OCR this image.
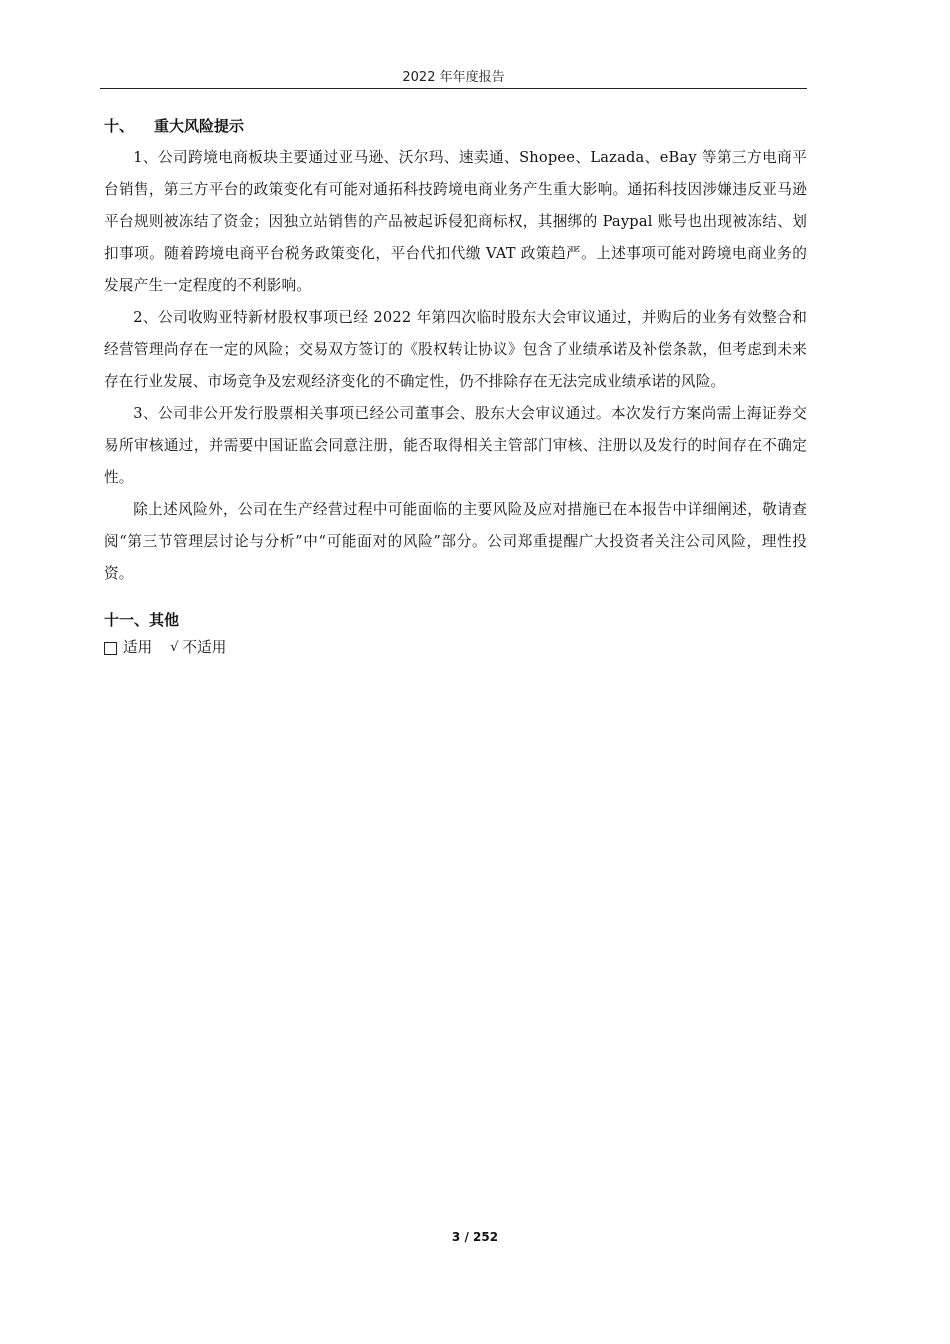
2022 年年度报告
十、 重大风险提示

1、公司跨境电商板块主要通过亚马逊、沃尔玛、速卖通、Shopee、Lazada、eBay 等第三方电商平台销售，第三方平台的政策变化有可能对通拓科技跨境电商业务产生重大影响。通拓科技因涉嫌违反亚马逊平台规则被冻结了资金；因独立站销售的产品被起诉侵犯商标权，其捆绑的 Paypal 账号也出现被冻结、划扣事项。随着跨境电商平台税务政策变化，平台代扣代缴 VAT 政策趋严。上述事项可能对跨境电商业务的发展产生一定程度的不利影响。

2、公司收购亚特新材股权事项已经 2022 年第四次临时股东大会审议通过，并购后的业务有效整合和经营管理尚存在一定的风险；交易双方签订的《股权转让协议》包含了业绩承诺及补偿条款，但考虑到未来存在行业发展、市场竞争及宏观经济变化的不确定性，仍不排除存在无法完成业绩承诺的风险。

3、公司非公开发行股票相关事项已经公司董事会、股东大会审议通过。本次发行方案尚需上海证券交易所审核通过，并需要中国证监会同意注册，能否取得相关主管部门审核、注册以及发行的时间存在不确定性。

除上述风险外，公司在生产经营过程中可能面临的主要风险及应对措施已在本报告中详细阐述，敬请查阅“第三节管理层讨论与分析”中“可能面对的风险”部分。公司郑重提醒广大投资者关注公司风险，理性投资。

十一、其他
适用 √ 不适用
3 / 252
